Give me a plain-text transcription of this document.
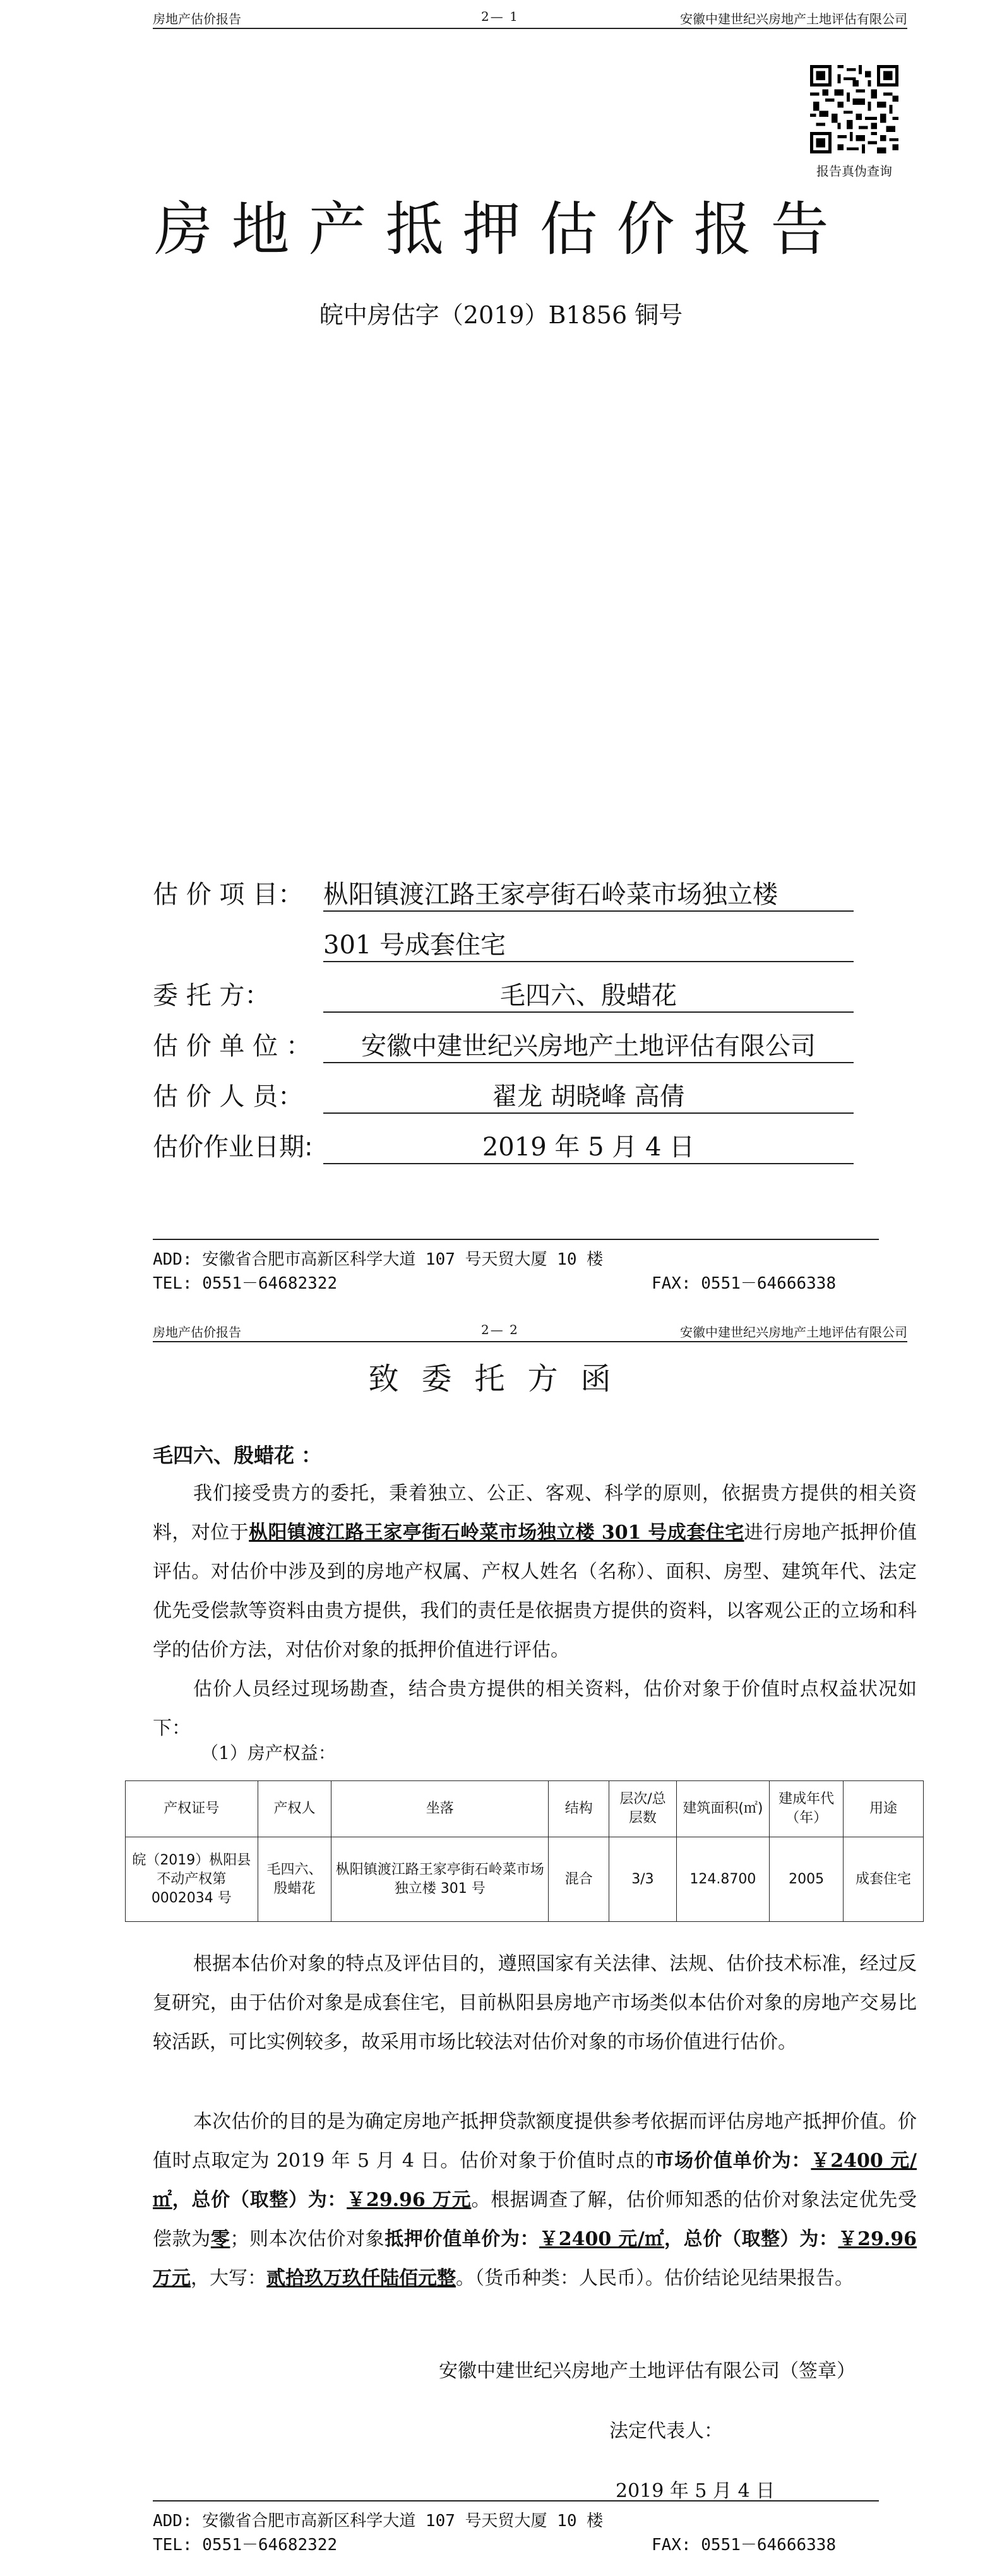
房地产估价报告	2— 1	安徽中建世纪兴房地产土地评估有限公司
报告真伪查询
房地产抵押估价报告
皖中房估字（2019）B1856 铜号
估 价 项 目： 枞阳镇渡江路王家亭街石岭菜市场独立楼
301 号成套住宅
委 托 方：	毛四六、殷蜡花
估 价 单 位 ：	安徽中建世纪兴房地产土地评估有限公司
估 价 人 员：	翟龙 胡晓峰 高倩
估价作业日期:	2019 年 5 月 4 日
ADD: 安徽省合肥市高新区科学大道 107 号天贸大厦 10 楼
TEL: 0551－64682322	FAX: 0551－64666338
房地产估价报告	2— 2	安徽中建世纪兴房地产土地评估有限公司
致委托方函
毛四六、殷蜡花 ：
我们接受贵方的委托，秉着独立、公正、客观、科学的原则，依据贵方提供的相关资料，对位于枞阳镇渡江路王家亭街石岭菜市场独立楼 301 号成套住宅进行房地产抵押价值评估。对估价中涉及到的房地产权属、产权人姓名（名称）、面积、房型、建筑年代、法定优先受偿款等资料由贵方提供，我们的责任是依据贵方提供的资料，以客观公正的立场和科学的估价方法，对估价对象的抵押价值进行评估。
估价人员经过现场勘查，结合贵方提供的相关资料，估价对象于价值时点权益状况如下：
（1）房产权益：
产权证号	产权人	坐落	结构	层次/总层数	建筑面积(㎡)	建成年代（年）	用途
皖（2019）枞阳县不动产权第 0002034 号	毛四六、殷蜡花	枞阳镇渡江路王家亭街石岭菜市场独立楼 301 号	混合	3/3	124.8700	2005	成套住宅
根据本估价对象的特点及评估目的，遵照国家有关法律、法规、估价技术标准，经过反复研究，由于估价对象是成套住宅，目前枞阳县房地产市场类似本估价对象的房地产交易比较活跃，可比实例较多，故采用市场比较法对估价对象的市场价值进行估价。
本次估价的目的是为确定房地产抵押贷款额度提供参考依据而评估房地产抵押价值。价值时点取定为 2019 年 5 月 4 日。估价对象于价值时点的市场价值单价为：￥2400 元/㎡，总价（取整）为：￥29.96 万元。根据调查了解，估价师知悉的估价对象法定优先受偿款为零；则本次估价对象抵押价值单价为：￥2400 元/㎡，总价（取整）为：￥29.96 万元，大写：贰拾玖万玖仟陆佰元整。（货币种类：人民币）。估价结论见结果报告。
安徽中建世纪兴房地产土地评估有限公司（签章）
法定代表人：
2019 年 5 月 4 日
ADD: 安徽省合肥市高新区科学大道 107 号天贸大厦 10 楼
TEL: 0551－64682322	FAX: 0551－64666338
